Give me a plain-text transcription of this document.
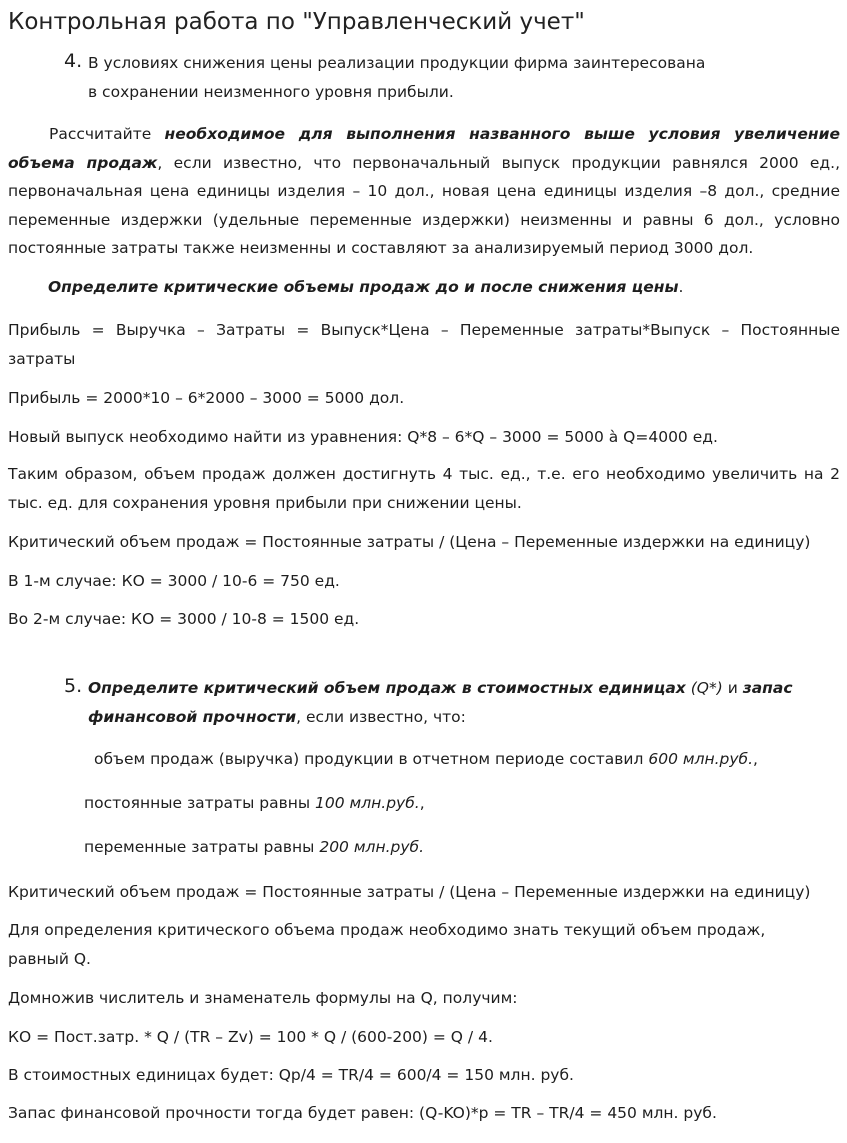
Контрольная работа по "Управленческий учет"
4. В условиях снижения цены реализации продукции фирма заинтересована
в сохранении неизменного уровня прибыли.
Рассчитайте необходимое для выполнения названного выше условия увеличение объема продаж, если известно, что первоначальный выпуск продукции равнялся 2000 ед., первоначальная цена единицы изделия – 10 дол., новая цена единицы изделия –8 дол., средние переменные издержки (удельные переменные издержки) неизменны и равны 6 дол., условно постоянные затраты также неизменны и составляют за анализируемый период 3000 дол.
Определите критические объемы продаж до и после снижения цены.
Прибыль = Выручка – Затраты = Выпуск*Цена – Переменные затраты*Выпуск – Постоянные затраты
Прибыль = 2000*10 – 6*2000 – 3000 = 5000 дол.
Новый выпуск необходимо найти из уравнения: Q*8 – 6*Q – 3000 = 5000 à Q=4000 ед.
Таким образом, объем продаж должен достигнуть 4 тыс. ед., т.е. его необходимо увеличить на 2 тыс. ед. для сохранения уровня прибыли при снижении цены.
Критический объем продаж = Постоянные затраты / (Цена – Переменные издержки на единицу)
В 1-м случае: КО = 3000 / 10-6 = 750 ед.
Во 2-м случае: КО = 3000 / 10-8 = 1500 ед.
5. Определите критический объем продаж в стоимостных единицах (Q*) и запас финансовой прочности, если известно, что:
объем продаж (выручка) продукции в отчетном периоде составил 600 млн.руб.,
постоянные затраты равны 100 млн.руб.,
переменные затраты равны 200 млн.руб.
Критический объем продаж = Постоянные затраты / (Цена – Переменные издержки на единицу)
Для определения критического объема продаж необходимо знать текущий объем продаж, равный Q.
Домножив числитель и знаменатель формулы на Q, получим:
КО = Пост.затр. * Q / (TR – Zv) = 100 * Q / (600-200) = Q / 4.
В стоимостных единицах будет: Qp/4 = TR/4 = 600/4 = 150 млн. руб.
Запас финансовой прочности тогда будет равен: (Q-KO)*p = TR – TR/4 = 450 млн. руб.
